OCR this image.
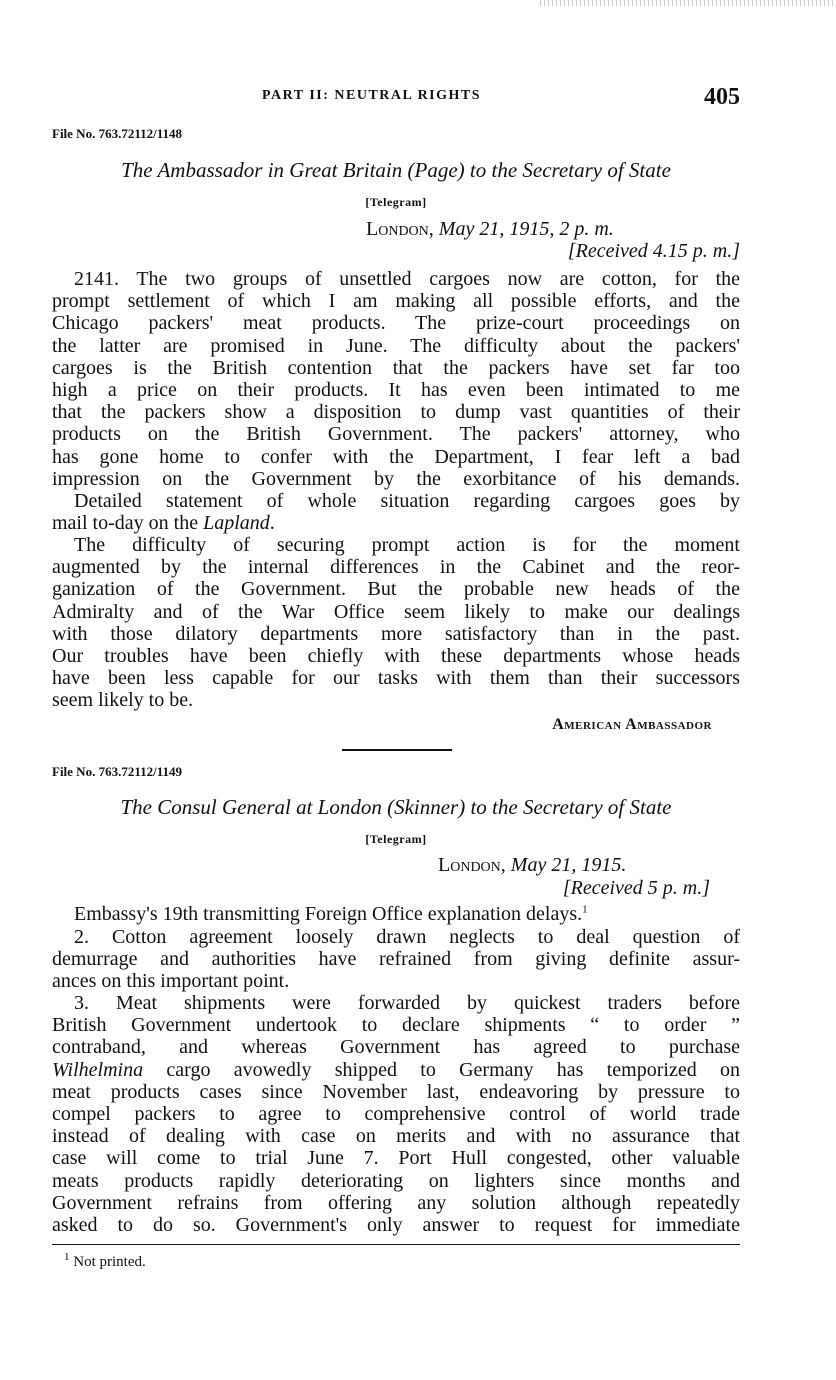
PART II: NEUTRAL RIGHTS	405
File No. 763.72112/1148
The Ambassador in Great Britain (Page) to the Secretary of State
[Telegram]
London, May 21, 1915, 2 p. m.
[Received 4.15 p. m.]
2141. The two groups of unsettled cargoes now are cotton, for the
prompt settlement of which I am making all possible efforts, and the
Chicago packers' meat products. The prize-court proceedings on
the latter are promised in June. The difficulty about the packers'
cargoes is the British contention that the packers have set far too
high a price on their products. It has even been intimated to me
that the packers show a disposition to dump vast quantities of their
products on the British Government. The packers' attorney, who
has gone home to confer with the Department, I fear left a bad
impression on the Government by the exorbitance of his demands.
Detailed statement of whole situation regarding cargoes goes by
mail to-day on the Lapland.
The difficulty of securing prompt action is for the moment
augmented by the internal differences in the Cabinet and the reor-
ganization of the Government. But the probable new heads of the
Admiralty and of the War Office seem likely to make our dealings
with those dilatory departments more satisfactory than in the past.
Our troubles have been chiefly with these departments whose heads
have been less capable for our tasks with them than their successors
seem likely to be.
American Ambassador
File No. 763.72112/1149
The Consul General at London (Skinner) to the Secretary of State
[Telegram]
London, May 21, 1915.
[Received 5 p. m.]
Embassy's 19th transmitting Foreign Office explanation delays.$^1$
2. Cotton agreement loosely drawn neglects to deal question of
demurrage and authorities have refrained from giving definite assur-
ances on this important point.
3. Meat shipments were forwarded by quickest traders before
British Government undertook to declare shipments “ to order ”
contraband, and whereas Government has agreed to purchase
Wilhelmina cargo avowedly shipped to Germany has temporized on
meat products cases since November last, endeavoring by pressure to
compel packers to agree to comprehensive control of world trade
instead of dealing with case on merits and with no assurance that
case will come to trial June 7. Port Hull congested, other valuable
meats products rapidly deteriorating on lighters since months and
Government refrains from offering any solution although repeatedly
asked to do so. Government's only answer to request for immediate
$^1$ Not printed.
